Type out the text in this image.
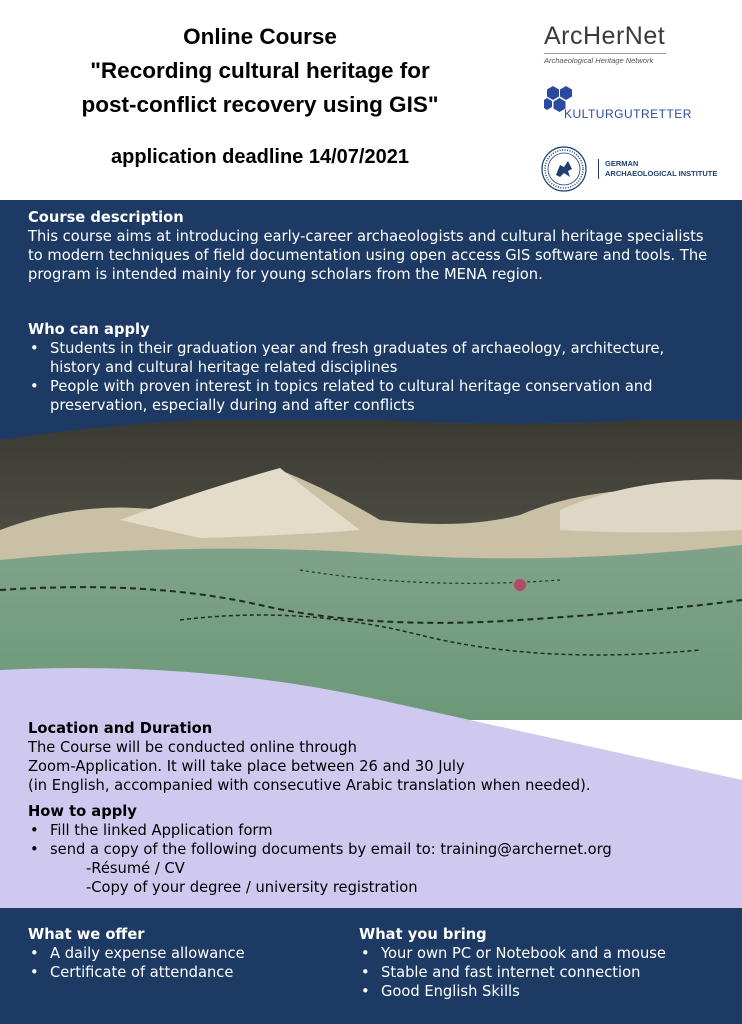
Online Course
"Recording cultural heritage for
post-conflict recovery using GIS"
application deadline 14/07/2021
ArcHerNet
Archaeological Heritage Network
KULTURGUTRETTER
GERMAN
ARCHAEOLOGICAL INSTITUTE
Course description
This course aims at introducing early-career archaeologists and cultural heritage specialists to modern techniques of field documentation using open access GIS software and tools. The program is intended mainly for young scholars from the MENA region.
Who can apply
• Students in their graduation year and fresh graduates of archaeology, architecture, history and cultural heritage related disciplines
• People with proven interest in topics related to cultural heritage conservation and preservation, especially during and after conflicts
Location and Duration
The Course will be conducted online through
Zoom-Application. It will take place between 26 and 30 July
(in English, accompanied with consecutive Arabic translation when needed).
How to apply
• Fill the linked Application form
• send a copy of the following documents by email to: training@archernet.org
-Résumé / CV
-Copy of your degree / university registration
What we offer
• A daily expense allowance
• Certificate of attendance
What you bring
• Your own PC or Notebook and a mouse
• Stable and fast internet connection
• Good English Skills
